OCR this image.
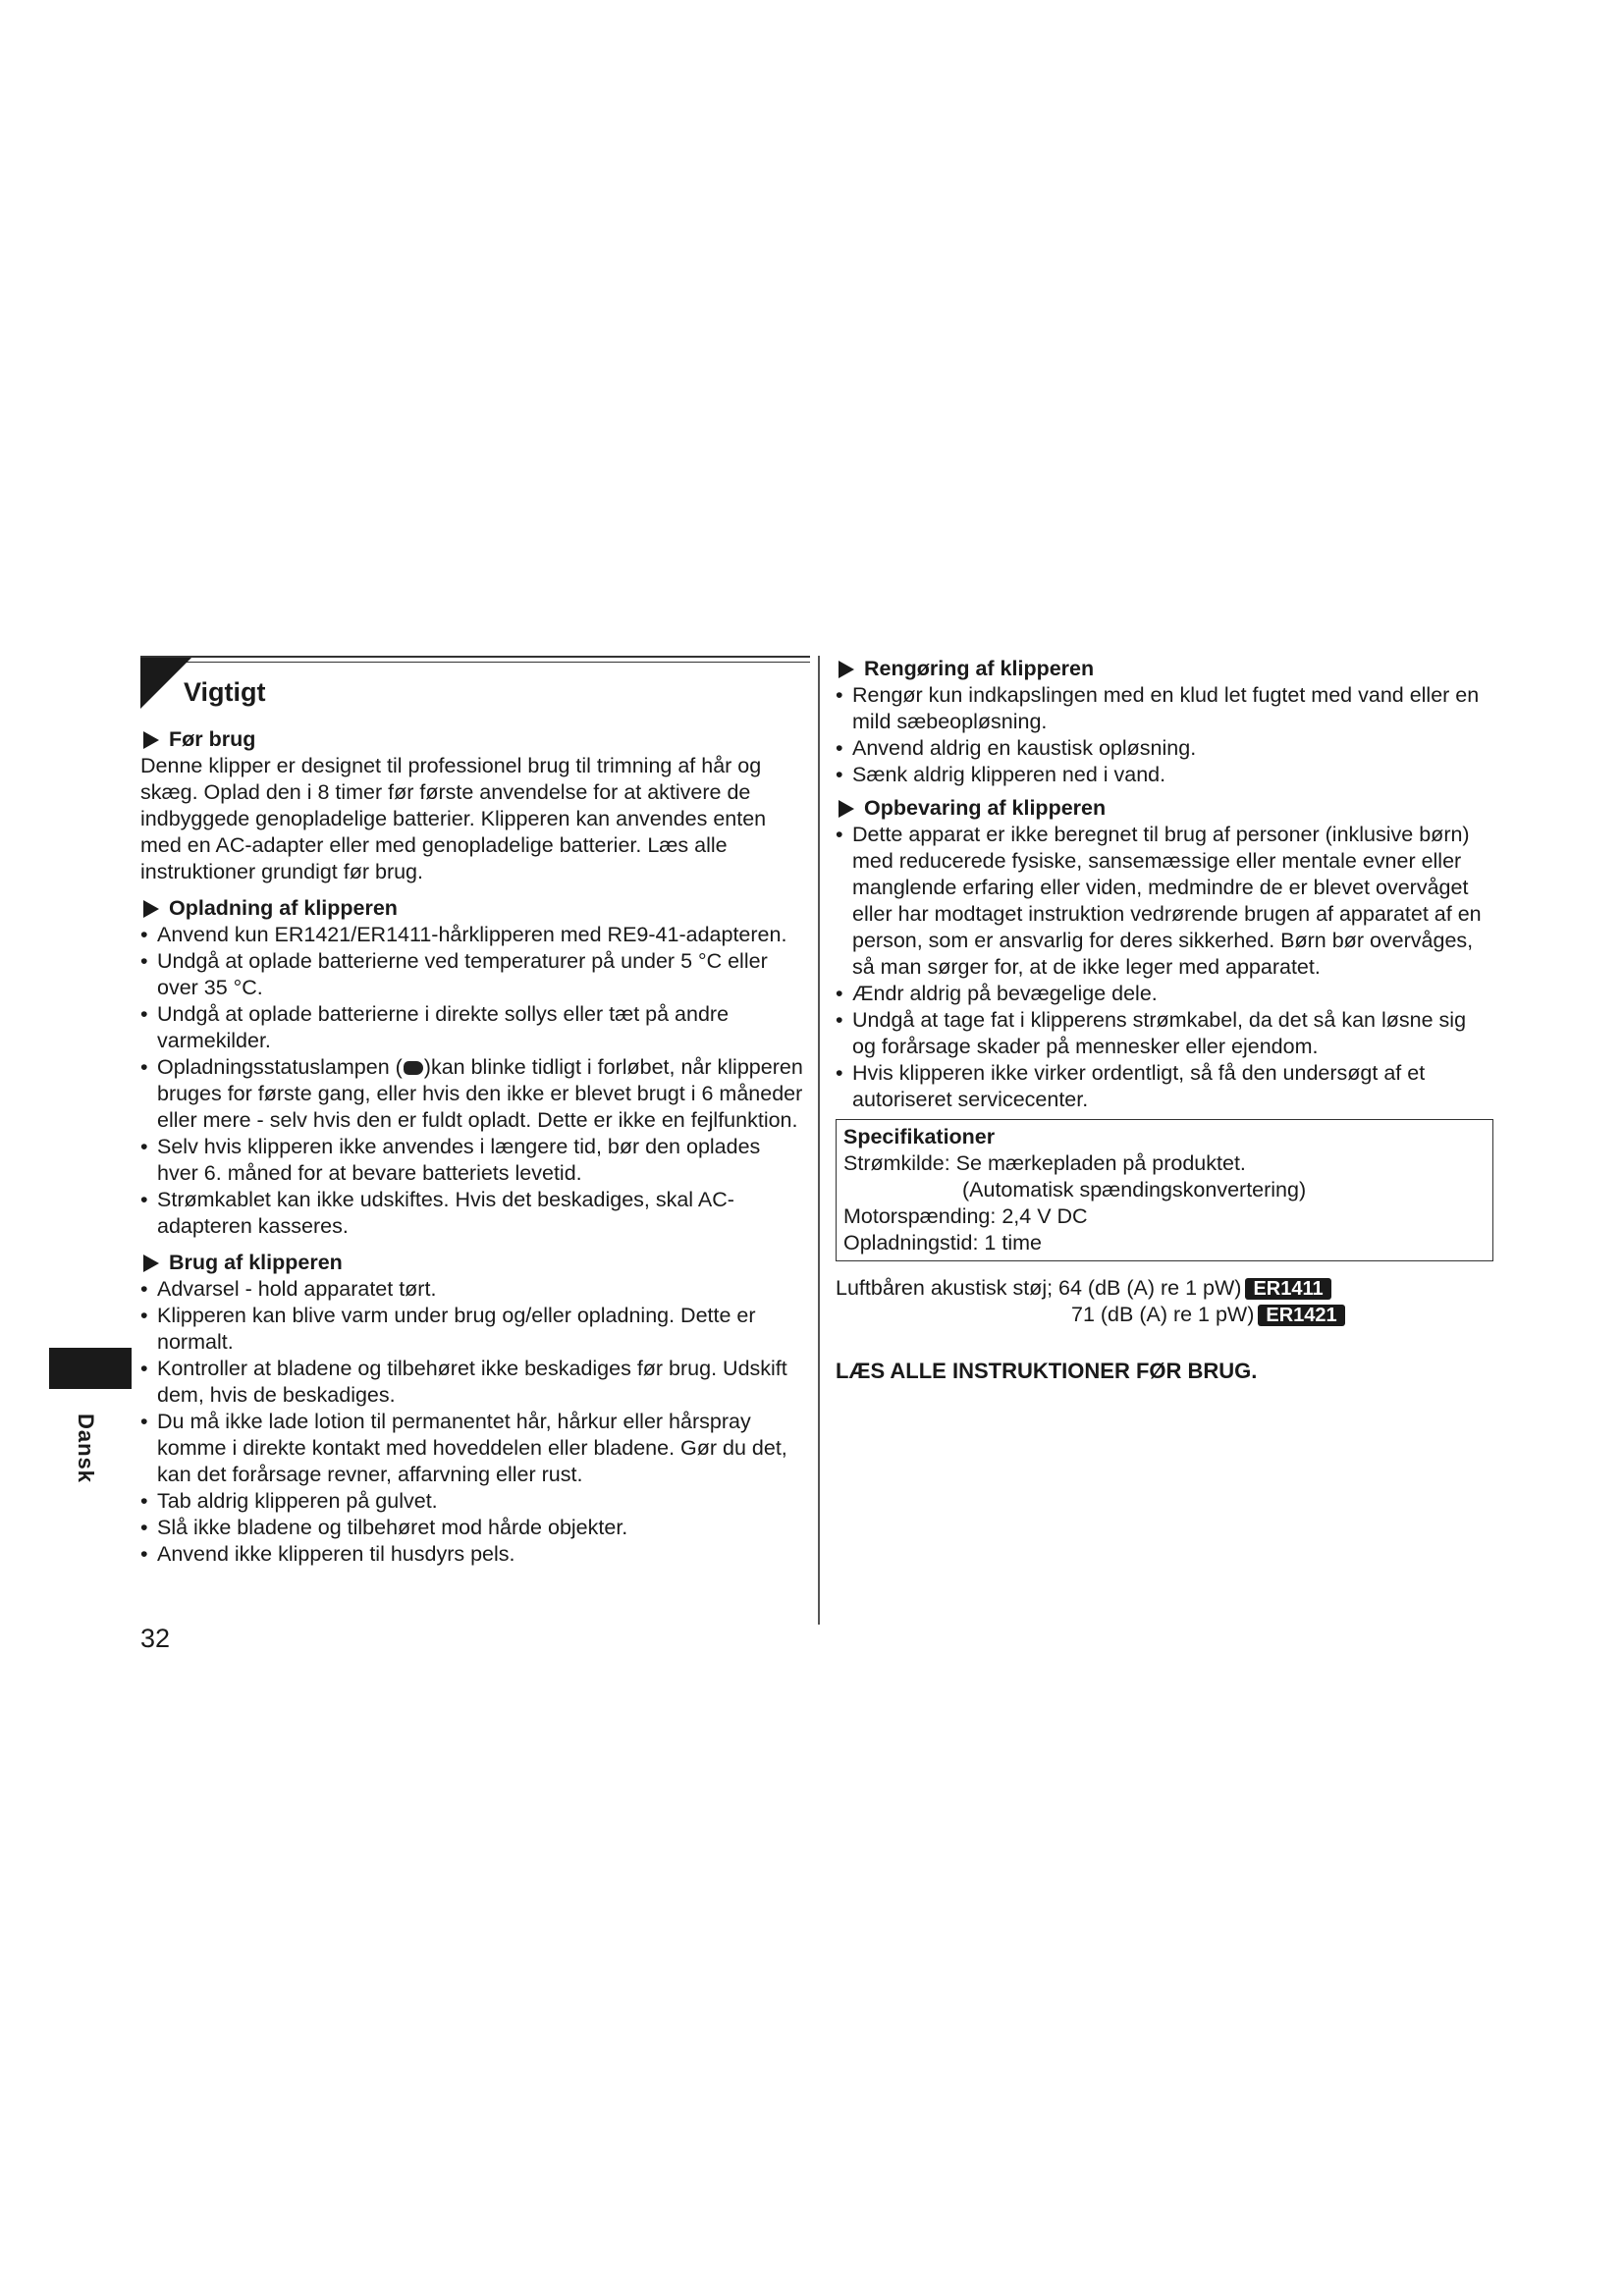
Vigtigt
Før brug

Denne klipper er designet til professionel brug til trimning af hår og skæg. Oplad den i 8 timer før første anvendelse for at aktivere de indbyggede genopladelige batterier. Klipperen kan anvendes enten med en AC-adapter eller med genopladelige batterier. Læs alle instruktioner grundigt før brug.

Opladning af klipperen
• Anvend kun ER1421/ER1411-hårklipperen med RE9-41-adapteren.
• Undgå at oplade batterierne ved temperaturer på under 5 °C eller over 35 °C.
• Undgå at oplade batterierne i direkte sollys eller tæt på andre varmekilder.
• Opladningsstatuslampen ( )kan blinke tidligt i forløbet, når klipperen bruges for første gang, eller hvis den ikke er blevet brugt i 6 måneder eller mere - selv hvis den er fuldt opladt. Dette er ikke en fejlfunktion.
• Selv hvis klipperen ikke anvendes i længere tid, bør den oplades hver 6. måned for at bevare batteriets levetid.
• Strømkablet kan ikke udskiftes. Hvis det beskadiges, skal AC-adapteren kasseres.
Brug af klipperen
• Advarsel - hold apparatet tørt.
• Klipperen kan blive varm under brug og/eller opladning. Dette er normalt.
• Kontroller at bladene og tilbehøret ikke beskadiges før brug. Udskift dem, hvis de beskadiges.
• Du må ikke lade lotion til permanentet hår, hårkur eller hårspray komme i direkte kontakt med hoveddelen eller bladene. Gør du det, kan det forårsage revner, affarvning eller rust.
• Tab aldrig klipperen på gulvet.
• Slå ikke bladene og tilbehøret mod hårde objekter.
• Anvend ikke klipperen til husdyrs pels.
Rengøring af klipperen
• Rengør kun indkapslingen med en klud let fugtet med vand eller en mild sæbeopløsning.
• Anvend aldrig en kaustisk opløsning.
• Sænk aldrig klipperen ned i vand.
Opbevaring af klipperen
• Dette apparat er ikke beregnet til brug af personer (inklusive børn) med reducerede fysiske, sansemæssige eller mentale evner eller manglende erfaring eller viden, medmindre de er blevet overvåget eller har modtaget instruktion vedrørende brugen af apparatet af en person, som er ansvarlig for deres sikkerhed. Børn bør overvåges, så man sørger for, at de ikke leger med apparatet.
• Ændr aldrig på bevægelige dele.
• Undgå at tage fat i klipperens strømkabel, da det så kan løsne sig og forårsage skader på mennesker eller ejendom.
• Hvis klipperen ikke virker ordentligt, så få den undersøgt af et autoriseret servicecenter.
Specifikationer
Strømkilde: Se mærkepladen på produktet.
(Automatisk spændingskonvertering)
Motorspænding: 2,4 V DC
Opladningstid: 1 time
Luftbåren akustisk støj; 64 (dB (A) re 1 pW) ER1411
71 (dB (A) re 1 pW) ER1421
LÆS ALLE INSTRUKTIONER FØR BRUG.
Dansk
32
